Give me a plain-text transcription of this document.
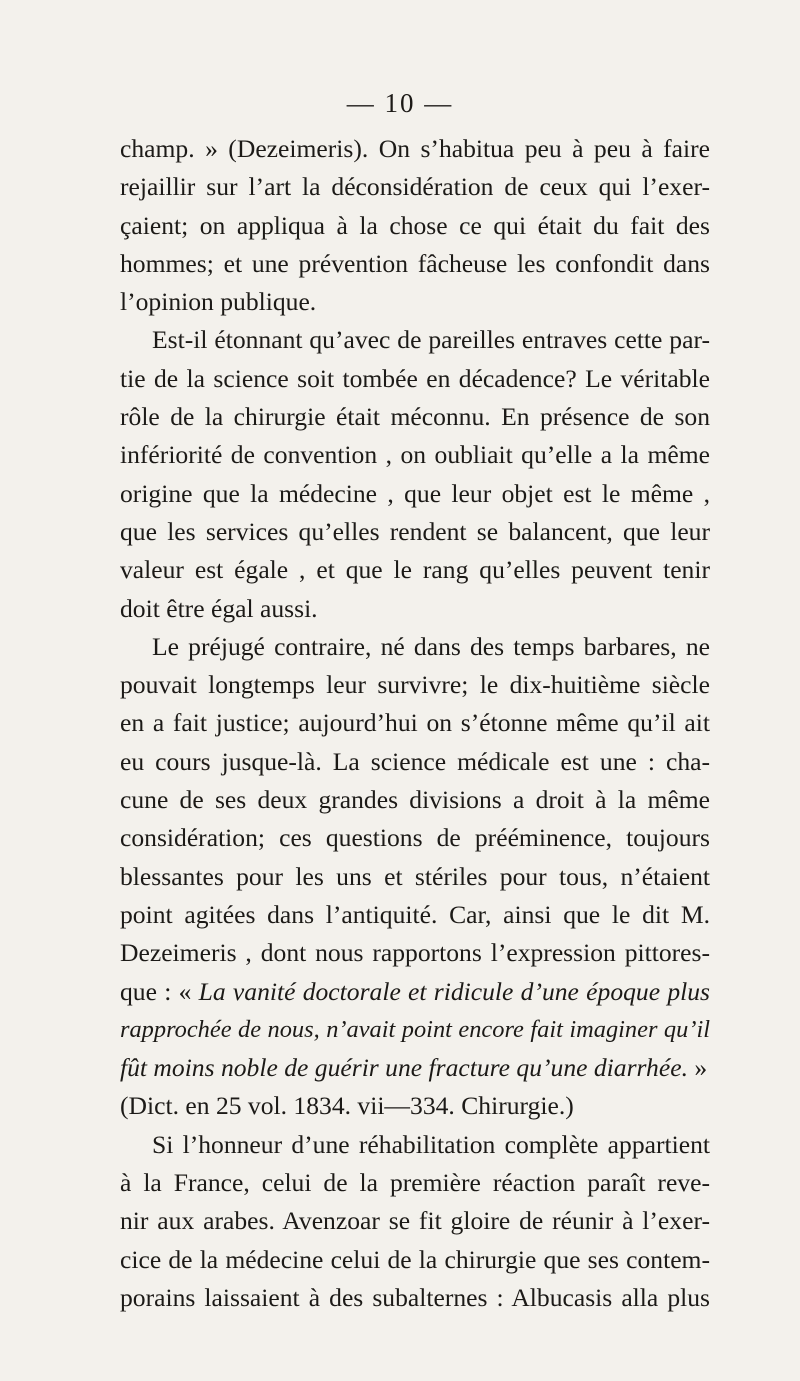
— 10 —
champ. » (Dezeimeris). On s’habitua peu à peu à faire
rejaillir sur l’art la déconsidération de ceux qui l’exer-
çaient; on appliqua à la chose ce qui était du fait des
hommes; et une prévention fâcheuse les confondit dans
l’opinion publique.
Est-il étonnant qu’avec de pareilles entraves cette par-
tie de la science soit tombée en décadence? Le véritable
rôle de la chirurgie était méconnu. En présence de son
infériorité de convention , on oubliait qu’elle a la même
origine que la médecine , que leur objet est le même ,
que les services qu’elles rendent se balancent, que leur
valeur est égale , et que le rang qu’elles peuvent tenir
doit être égal aussi.
Le préjugé contraire, né dans des temps barbares, ne
pouvait longtemps leur survivre; le dix-huitième siècle
en a fait justice; aujourd’hui on s’étonne même qu’il ait
eu cours jusque-là. La science médicale est une : cha-
cune de ses deux grandes divisions a droit à la même
considération; ces questions de prééminence, toujours
blessantes pour les uns et stériles pour tous, n’étaient
point agitées dans l’antiquité. Car, ainsi que le dit M.
Dezeimeris , dont nous rapportons l’expression pittores-
que : « La vanité doctorale et ridicule d’une époque plus
rapprochée de nous, n’avait point encore fait imaginer qu’il
fût moins noble de guérir une fracture qu’une diarrhée. »
(Dict. en 25 vol. 1834. vii—334. Chirurgie.)
Si l’honneur d’une réhabilitation complète appartient
à la France, celui de la première réaction paraît reve-
nir aux arabes. Avenzoar se fit gloire de réunir à l’exer-
cice de la médecine celui de la chirurgie que ses contem-
porains laissaient à des subalternes : Albucasis alla plus
